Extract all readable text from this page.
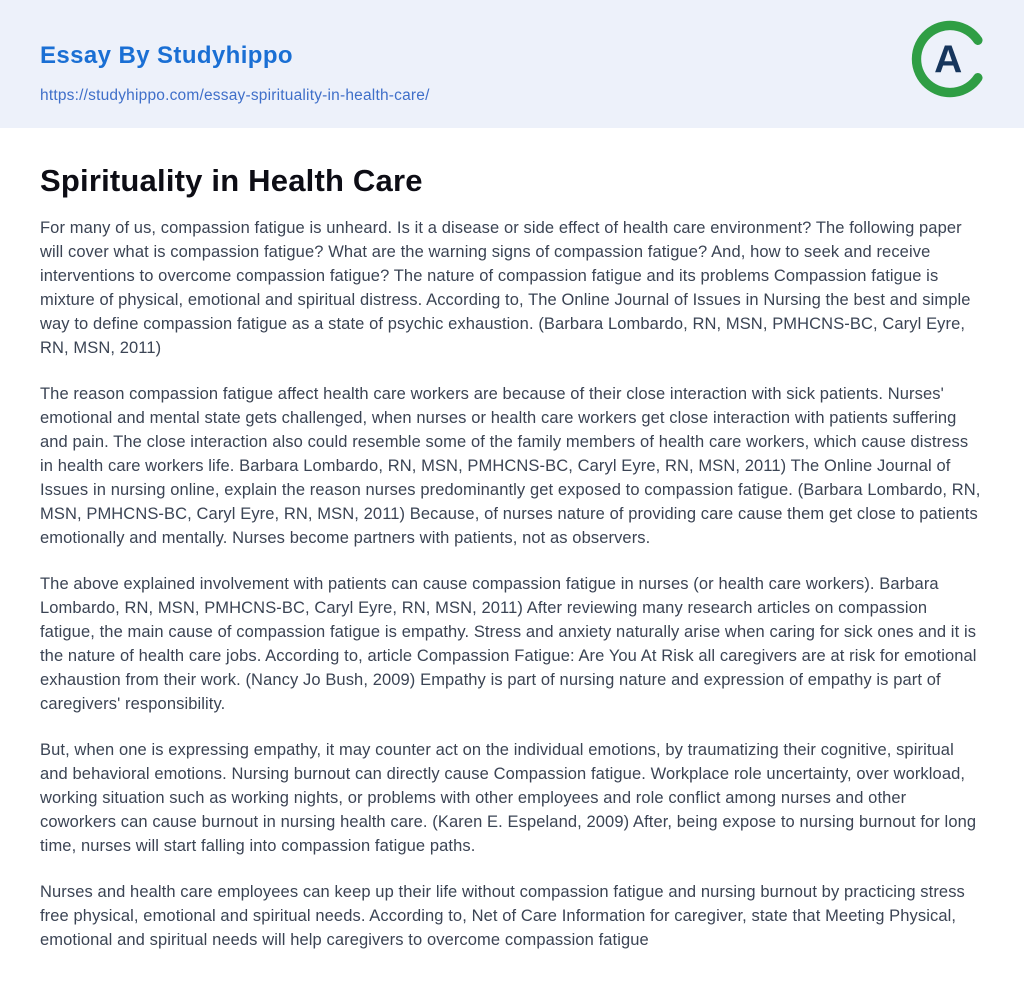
Essay By Studyhippo

https://studyhippo.com/essay-spirituality-in-health-care/

A
Spirituality in Health Care

For many of us, compassion fatigue is unheard. Is it a disease or side effect of health care environment? The following paper will cover what is compassion fatigue? What are the warning signs of compassion fatigue? And, how to seek and receive interventions to overcome compassion fatigue? The nature of compassion fatigue and its problems Compassion fatigue is mixture of physical, emotional and spiritual distress. According to, The Online Journal of Issues in Nursing the best and simple way to define compassion fatigue as a state of psychic exhaustion. (Barbara Lombardo, RN, MSN, PMHCNS-BC, Caryl Eyre, RN, MSN, 2011)

The reason compassion fatigue affect health care workers are because of their close interaction with sick patients. Nurses' emotional and mental state gets challenged, when nurses or health care workers get close interaction with patients suffering and pain. The close interaction also could resemble some of the family members of health care workers, which cause distress in health care workers life. Barbara Lombardo, RN, MSN, PMHCNS-BC, Caryl Eyre, RN, MSN, 2011) The Online Journal of Issues in nursing online, explain the reason nurses predominantly get exposed to compassion fatigue. (Barbara Lombardo, RN, MSN, PMHCNS-BC, Caryl Eyre, RN, MSN, 2011) Because, of nurses nature of providing care cause them get close to patients emotionally and mentally. Nurses become partners with patients, not as observers.

The above explained involvement with patients can cause compassion fatigue in nurses (or health care workers). Barbara Lombardo, RN, MSN, PMHCNS-BC, Caryl Eyre, RN, MSN, 2011) After reviewing many research articles on compassion fatigue, the main cause of compassion fatigue is empathy. Stress and anxiety naturally arise when caring for sick ones and it is the nature of health care jobs. According to, article Compassion Fatigue: Are You At Risk all caregivers are at risk for emotional exhaustion from their work. (Nancy Jo Bush, 2009) Empathy is part of nursing nature and expression of empathy is part of caregivers' responsibility.

But, when one is expressing empathy, it may counter act on the individual emotions, by traumatizing their cognitive, spiritual and behavioral emotions. Nursing burnout can directly cause Compassion fatigue. Workplace role uncertainty, over workload, working situation such as working nights, or problems with other employees and role conflict among nurses and other coworkers can cause burnout in nursing health care. (Karen E. Espeland, 2009) After, being expose to nursing burnout for long time, nurses will start falling into compassion fatigue paths.

Nurses and health care employees can keep up their life without compassion fatigue and nursing burnout by practicing stress free physical, emotional and spiritual needs. According to, Net of Care Information for caregiver, state that Meeting Physical, emotional and spiritual needs will help caregivers to overcome compassion fatigue
